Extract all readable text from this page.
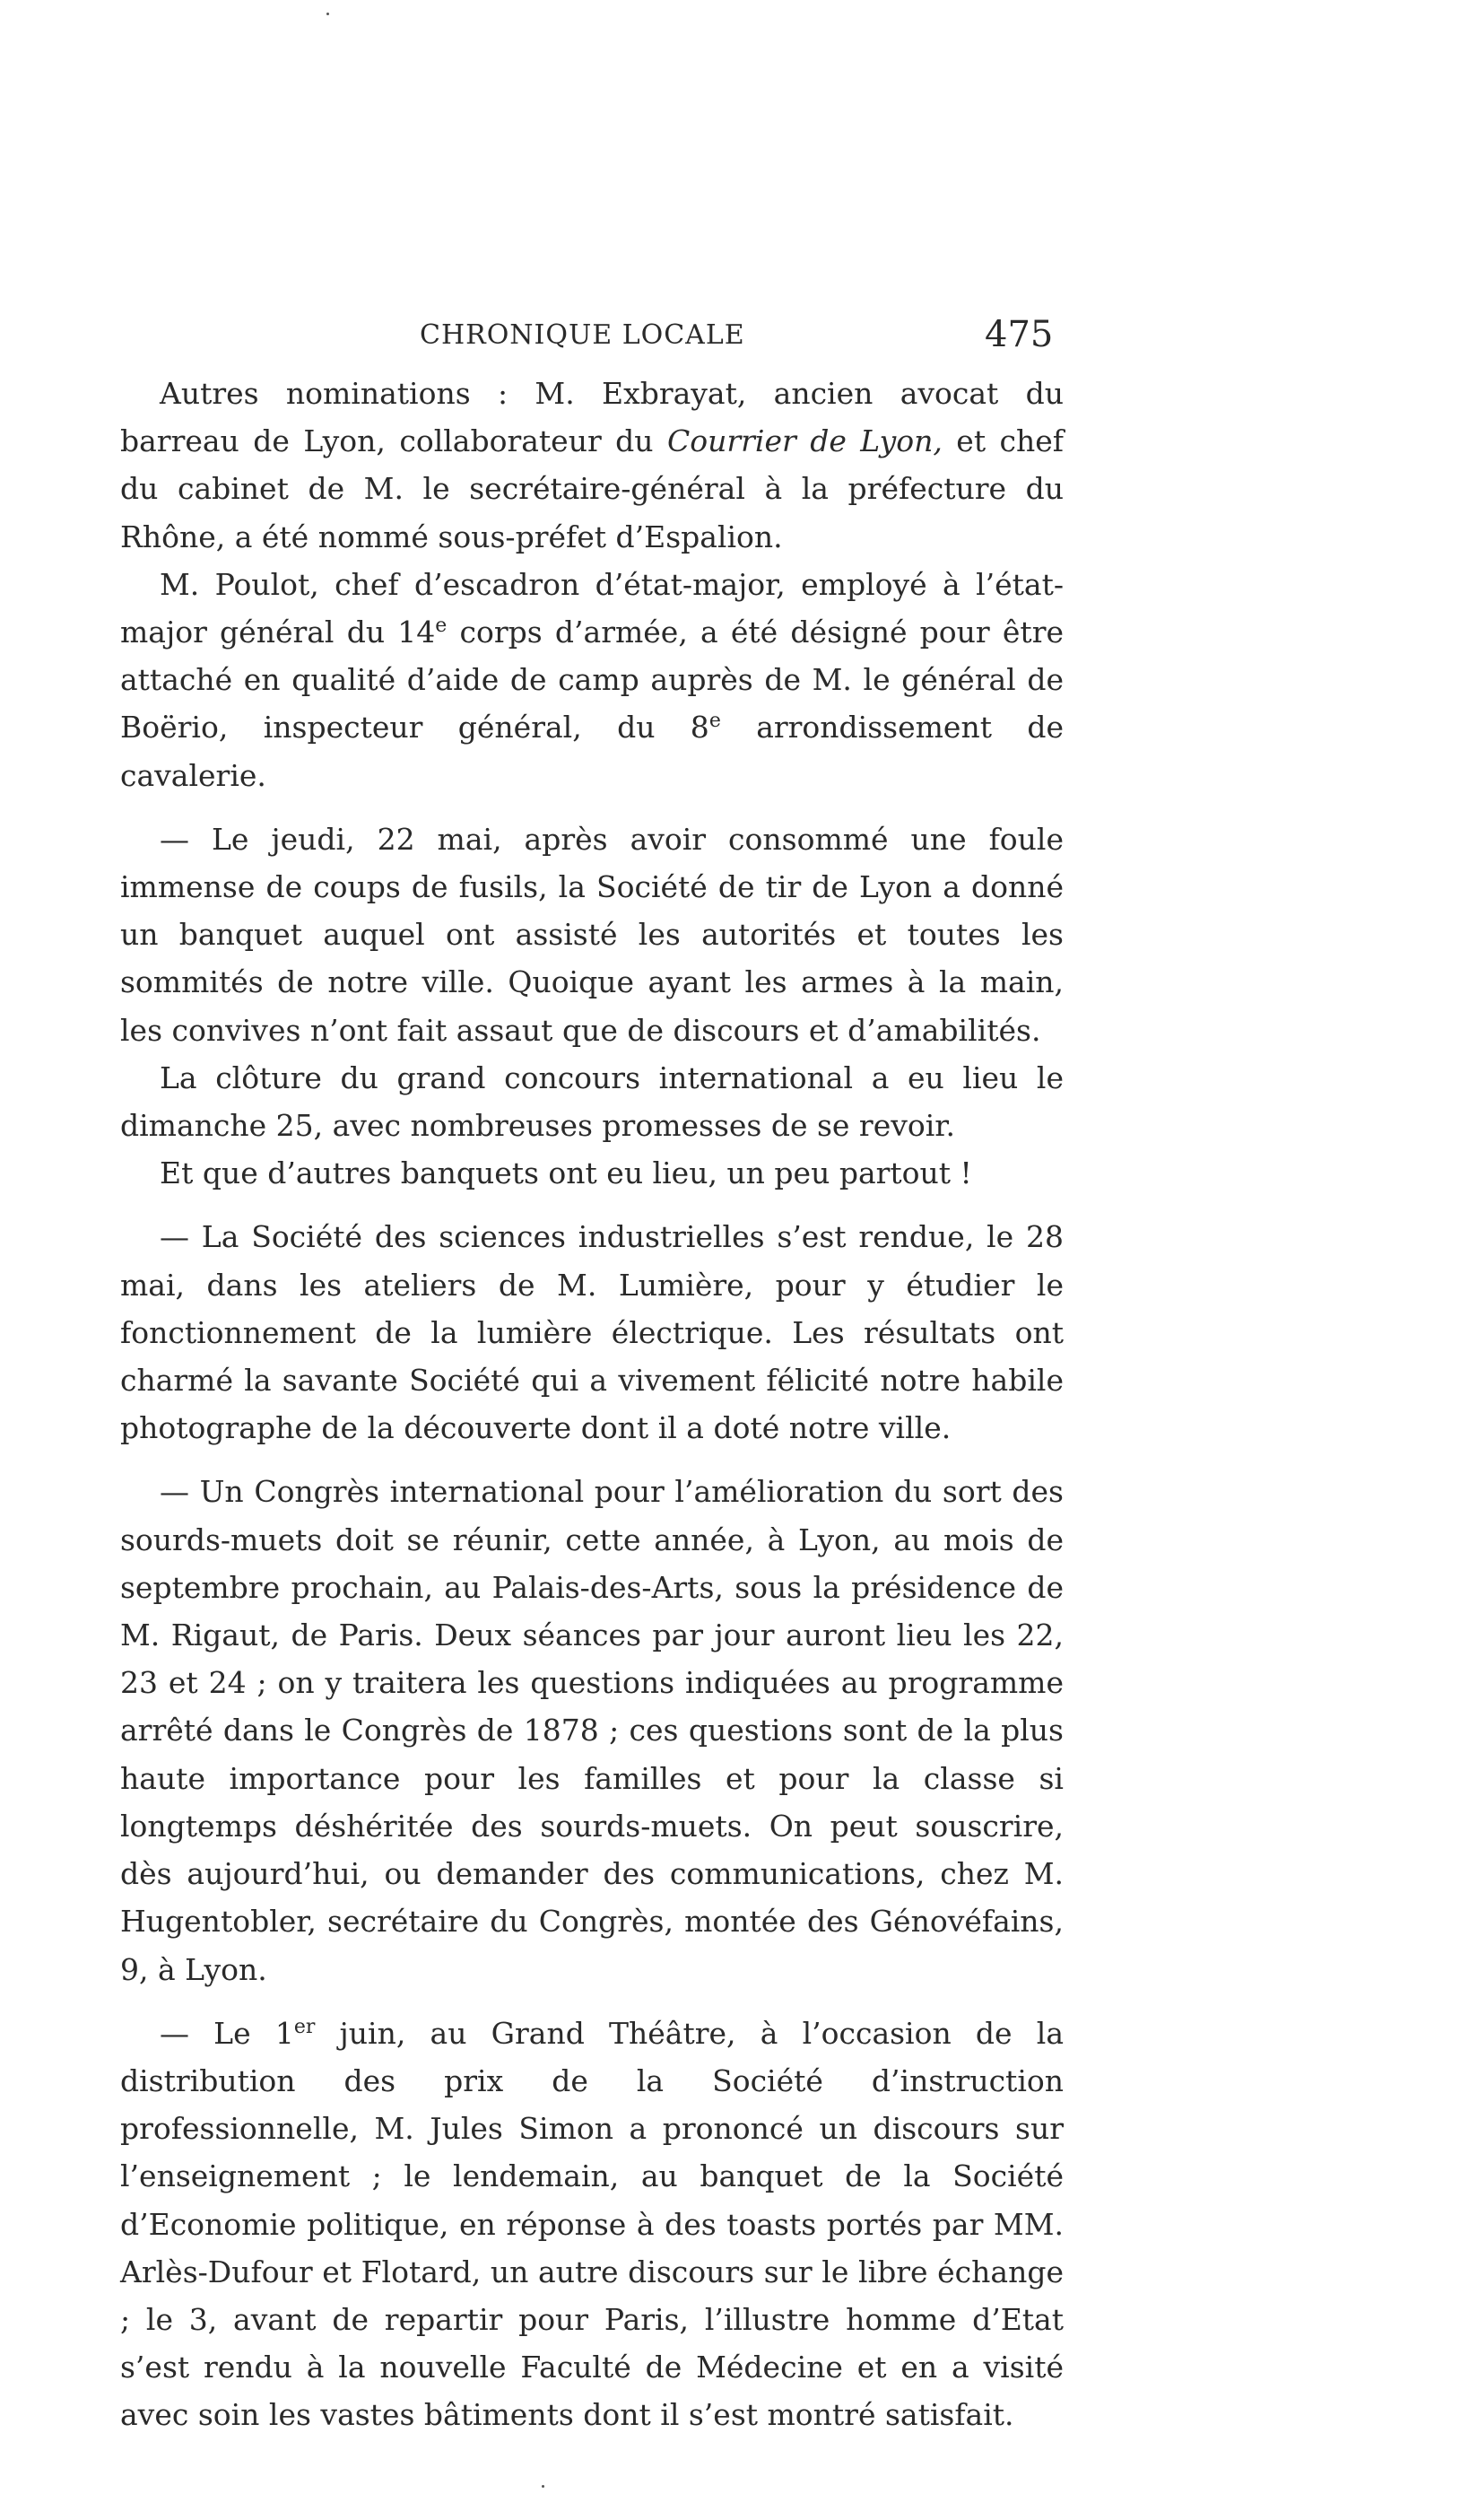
CHRONIQUE LOCALE	475

Autres nominations : M. Exbrayat, ancien avocat du barreau de Lyon, collaborateur du Courrier de Lyon, et chef du cabinet de M. le secrétaire-général à la préfecture du Rhône, a été nommé sous-préfet d’Espalion.

M. Poulot, chef d’escadron d’état-major, employé à l’état-major général du 14e corps d’armée, a été désigné pour être attaché en qualité d’aide de camp auprès de M. le général de Boërio, inspecteur général, du 8e arrondissement de cavalerie.

— Le jeudi, 22 mai, après avoir consommé une foule immense de coups de fusils, la Société de tir de Lyon a donné un banquet auquel ont assisté les autorités et toutes les sommités de notre ville. Quoique ayant les armes à la main, les convives n’ont fait assaut que de discours et d’amabilités.

La clôture du grand concours international a eu lieu le dimanche 25, avec nombreuses promesses de se revoir.

Et que d’autres banquets ont eu lieu, un peu partout !

— La Société des sciences industrielles s’est rendue, le 28 mai, dans les ateliers de M. Lumière, pour y étudier le fonctionnement de la lumière électrique. Les résultats ont charmé la savante Société qui a vivement félicité notre habile photographe de la découverte dont il a doté notre ville.

— Un Congrès international pour l’amélioration du sort des sourds-muets doit se réunir, cette année, à Lyon, au mois de septembre prochain, au Palais-des-Arts, sous la présidence de M. Rigaut, de Paris. Deux séances par jour auront lieu les 22, 23 et 24 ; on y traitera les questions indiquées au programme arrêté dans le Congrès de 1878 ; ces questions sont de la plus haute importance pour les familles et pour la classe si longtemps déshéritée des sourds-muets. On peut souscrire, dès aujourd’hui, ou demander des communications, chez M. Hugentobler, secrétaire du Congrès, montée des Génovéfains, 9, à Lyon.

— Le 1er juin, au Grand Théâtre, à l’occasion de la distribution des prix de la Société d’instruction professionnelle, M. Jules Simon a prononcé un discours sur l’enseignement ; le lendemain, au banquet de la Société d’Economie politique, en réponse à des toasts portés par MM. Arlès-Dufour et Flotard, un autre discours sur le libre échange ; le 3, avant de repartir pour Paris, l’illustre homme d’Etat s’est rendu à la nouvelle Faculté de Médecine et en a visité avec soin les vastes bâtiments dont il s’est montré satisfait.
